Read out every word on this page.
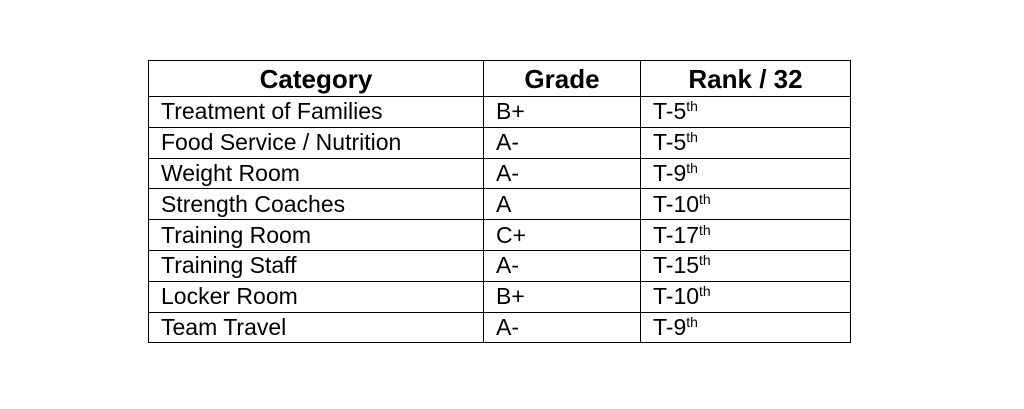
Category	Grade	Rank / 32
Treatment of Families	B+	T-5th
Food Service / Nutrition	A-	T-5th
Weight Room	A-	T-9th
Strength Coaches	A	T-10th
Training Room	C+	T-17th
Training Staff	A-	T-15th
Locker Room	B+	T-10th
Team Travel	A-	T-9th
